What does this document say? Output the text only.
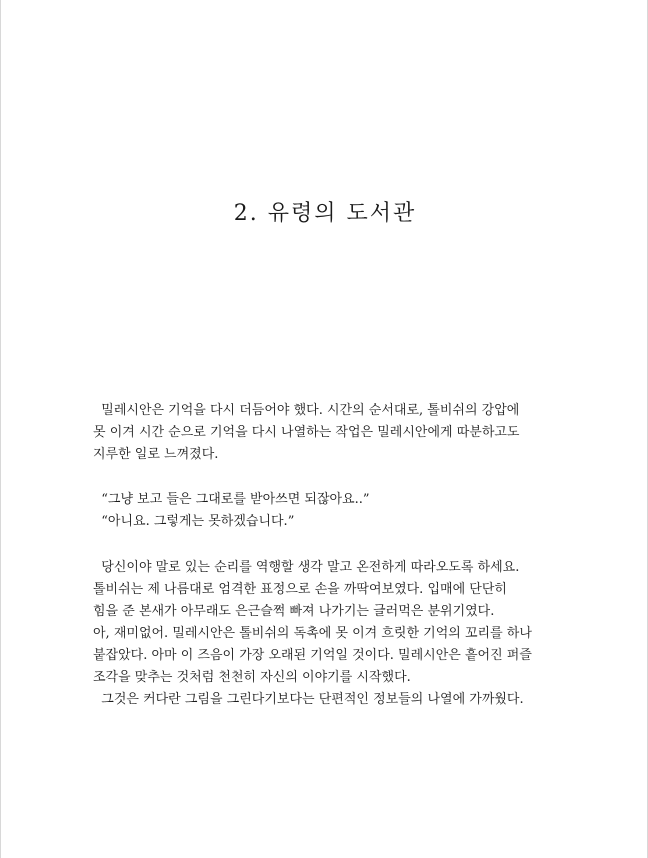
2. 유령의 도서관
밀레시안은 기억을 다시 더듬어야 했다. 시간의 순서대로, 톨비쉬의 강압에
못 이겨 시간 순으로 기억을 다시 나열하는 작업은 밀레시안에게 따분하고도
지루한 일로 느껴졌다.
“그냥 보고 들은 그대로를 받아쓰면 되잖아요..”
“아니요. 그렇게는 못하겠습니다.”
당신이야 말로 있는 순리를 역행할 생각 말고 온전하게 따라오도록 하세요.
톨비쉬는 제 나름대로 엄격한 표정으로 손을 까딱여보였다. 입매에 단단히
힘을 준 본새가 아무래도 은근슬쩍 빠져 나가기는 글러먹은 분위기였다.
아, 재미없어. 밀레시안은 톨비쉬의 독촉에 못 이겨 흐릿한 기억의 꼬리를 하나
붙잡았다. 아마 이 즈음이 가장 오래된 기억일 것이다. 밀레시안은 흩어진 퍼즐
조각을 맞추는 것처럼 천천히 자신의 이야기를 시작했다.
그것은 커다란 그림을 그린다기보다는 단편적인 정보들의 나열에 가까웠다.
